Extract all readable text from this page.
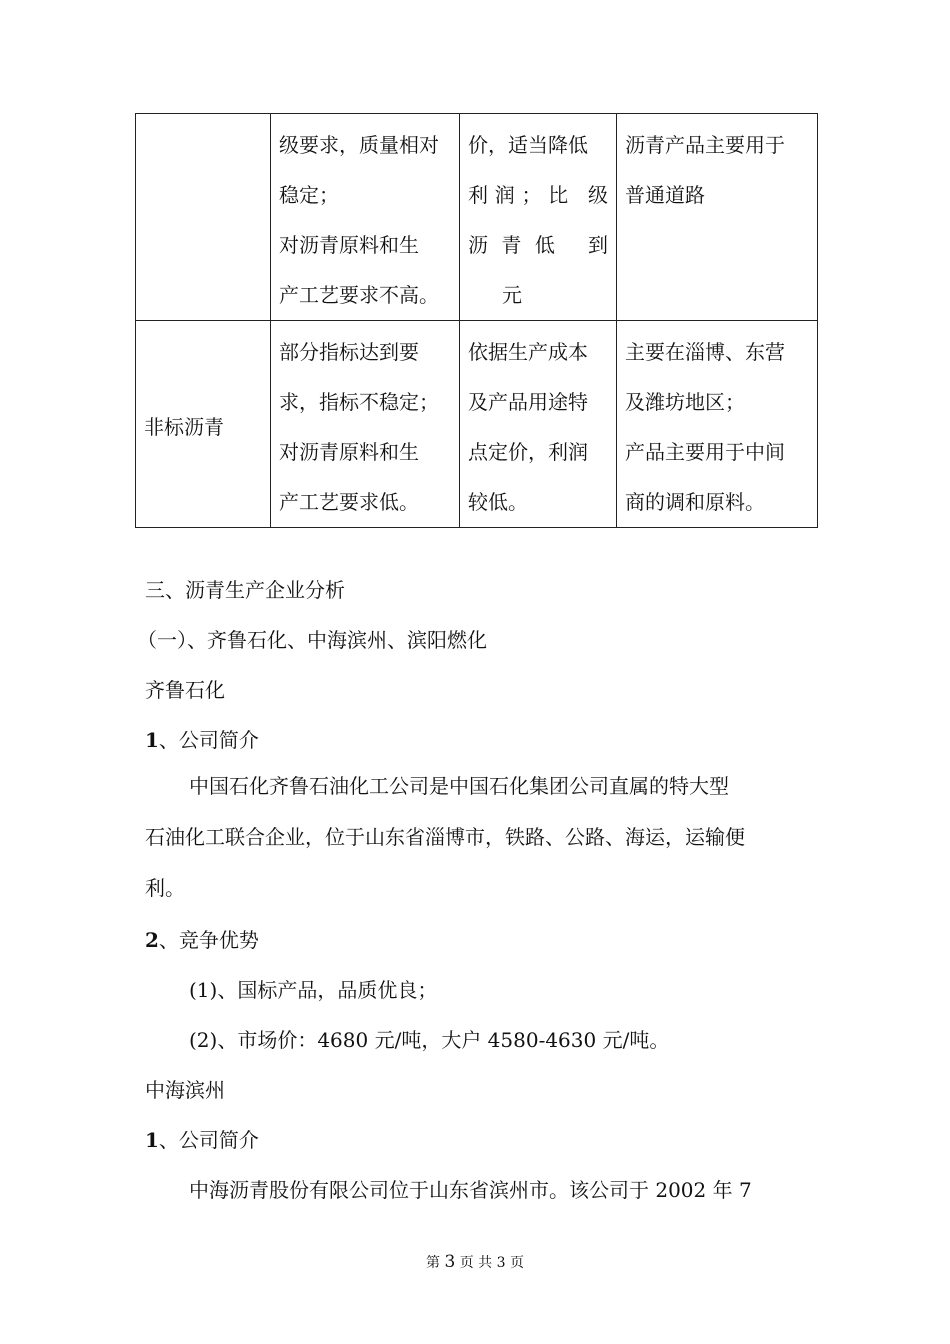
	级要求，质量相对
稳定；
对沥青原料和生
产工艺要求不高。	价，适当降低
利润；比 级
沥青低 到
元	沥青产品主要用于
普通道路

非标沥青	部分指标达到要
求，指标不稳定；
对沥青原料和生
产工艺要求低。	依据生产成本
及产品用途特
点定价，利润
较低。	主要在淄博、东营
及潍坊地区；
产品主要用于中间
商的调和原料。
三、沥青生产企业分析
（一）、齐鲁石化、中海滨州、滨阳燃化
齐鲁石化
1、公司简介
中国石化齐鲁石油化工公司是中国石化集团公司直属的特大型
石油化工联合企业，位于山东省淄博市，铁路、公路、海运，运输便
利。
2、竞争优势
(1)、国标产品，品质优良；
(2)、市场价：4680 元/吨，大户 4580-4630 元/吨。
中海滨州
1、公司简介
中海沥青股份有限公司位于山东省滨州市。该公司于 2002 年 7
第 3 页 共 3 页
